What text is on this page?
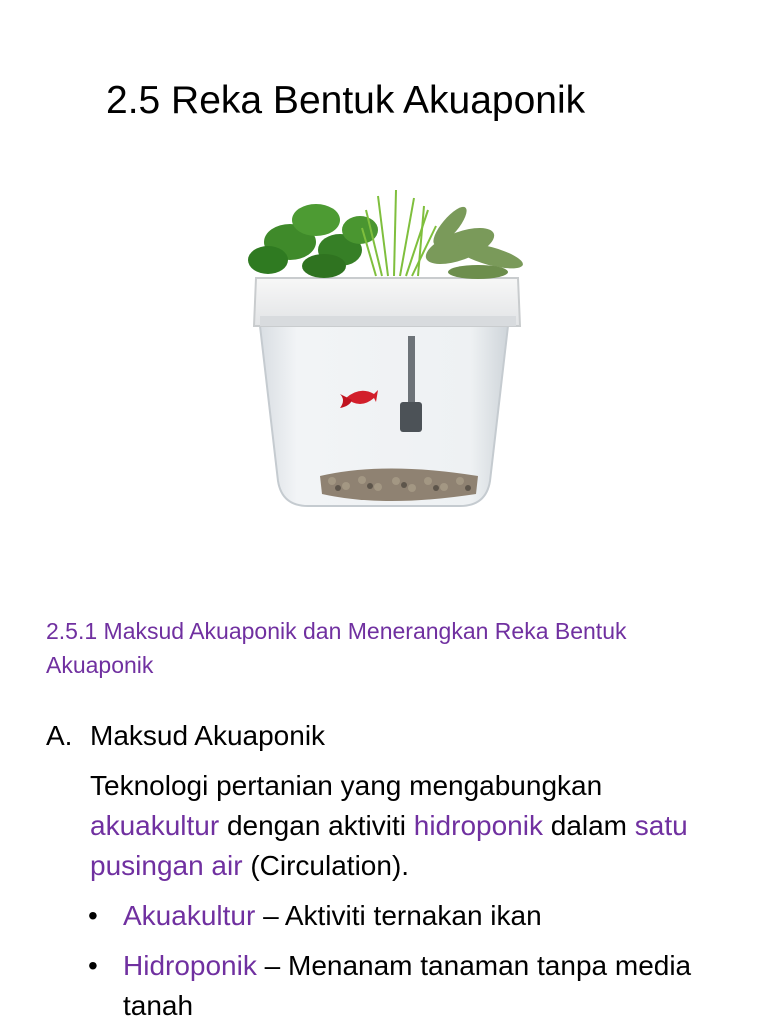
2.5 Reka Bentuk Akuaponik
2.5.1 Maksud Akuaponik dan Menerangkan Reka Bentuk Akuaponik
A. Maksud Akuaponik
Teknologi pertanian yang mengabungkan akuakultur dengan aktiviti hidroponik dalam satu pusingan air (Circulation).
• Akuakultur – Aktiviti ternakan ikan
• Hidroponik – Menanam tanaman tanpa media tanah
